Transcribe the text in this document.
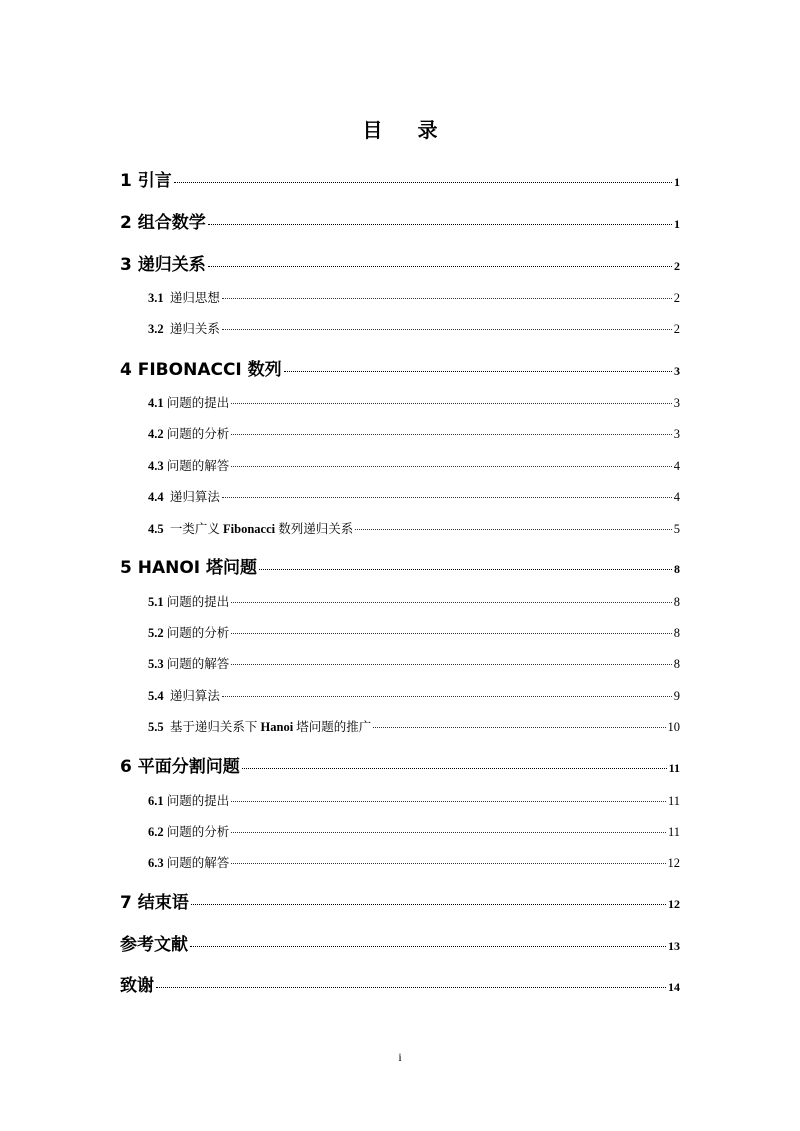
目 录
1 引言	1
2 组合数学	1
3 递归关系	2
3.1 递归思想	2
3.2 递归关系	2
4 FIBONACCI 数列	3
4.1 问题的提出	3
4.2 问题的分析	3
4.3 问题的解答	4
4.4 递归算法	4
4.5 一类广义 Fibonacci 数列递归关系	5
5 HANOI 塔问题	8
5.1 问题的提出	8
5.2 问题的分析	8
5.3 问题的解答	8
5.4 递归算法	9
5.5 基于递归关系下 Hanoi 塔问题的推广	10
6 平面分割问题	11
6.1 问题的提出	11
6.2 问题的分析	11
6.3 问题的解答	12
7 结束语	12
参考文献	13
致谢	14
i
